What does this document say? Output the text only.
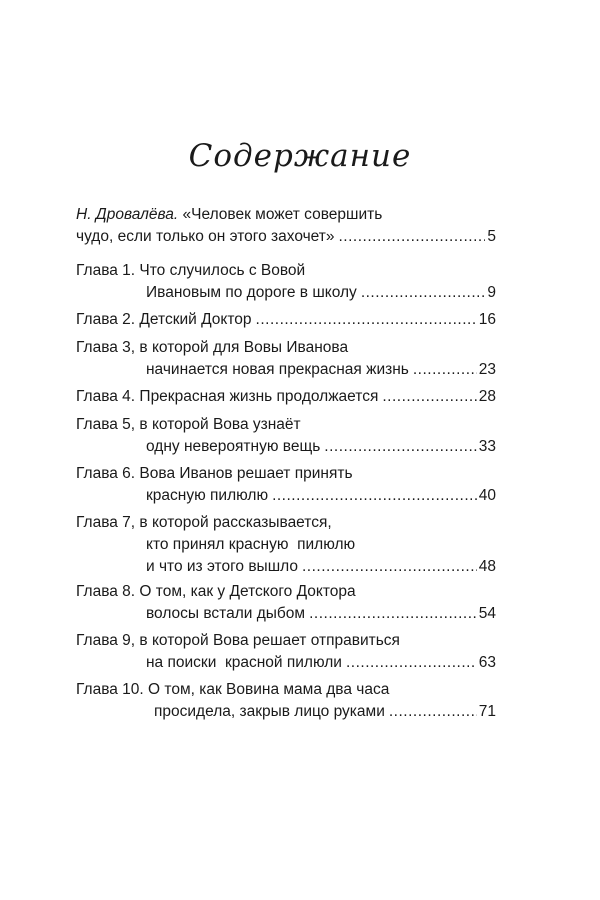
Содержание
Н. Дровалёва. «Человек может совершить
чудо, если только он этого захочет» .....	5
Глава 1. Что случилось с Вовой
Ивановым по дороге в школу .....	9
Глава 2.
Детский Доктор .....	16
Глава 3, в которой для Вовы Иванова
начинается новая прекрасная жизнь .....	23
Глава 4.
Прекрасная жизнь продолжается .....	28
Глава 5, в которой Вова узнаёт
одну невероятную вещь .....	33
Глава 6. Вова Иванов решает принять
красную пилюлю .....	40
Глава 7, в которой рассказывается,
кто принял красную  пилюлю
и что из этого вышло .....	48
Глава 8. О том, как у Детского Доктора
волосы встали дыбом .....	54
Глава 9, в которой Вова решает отправиться
на поиски  красной пилюли .....	63
Глава 10. О том, как Вовина мама два часа
просидела, закрыв лицо руками .....	71
